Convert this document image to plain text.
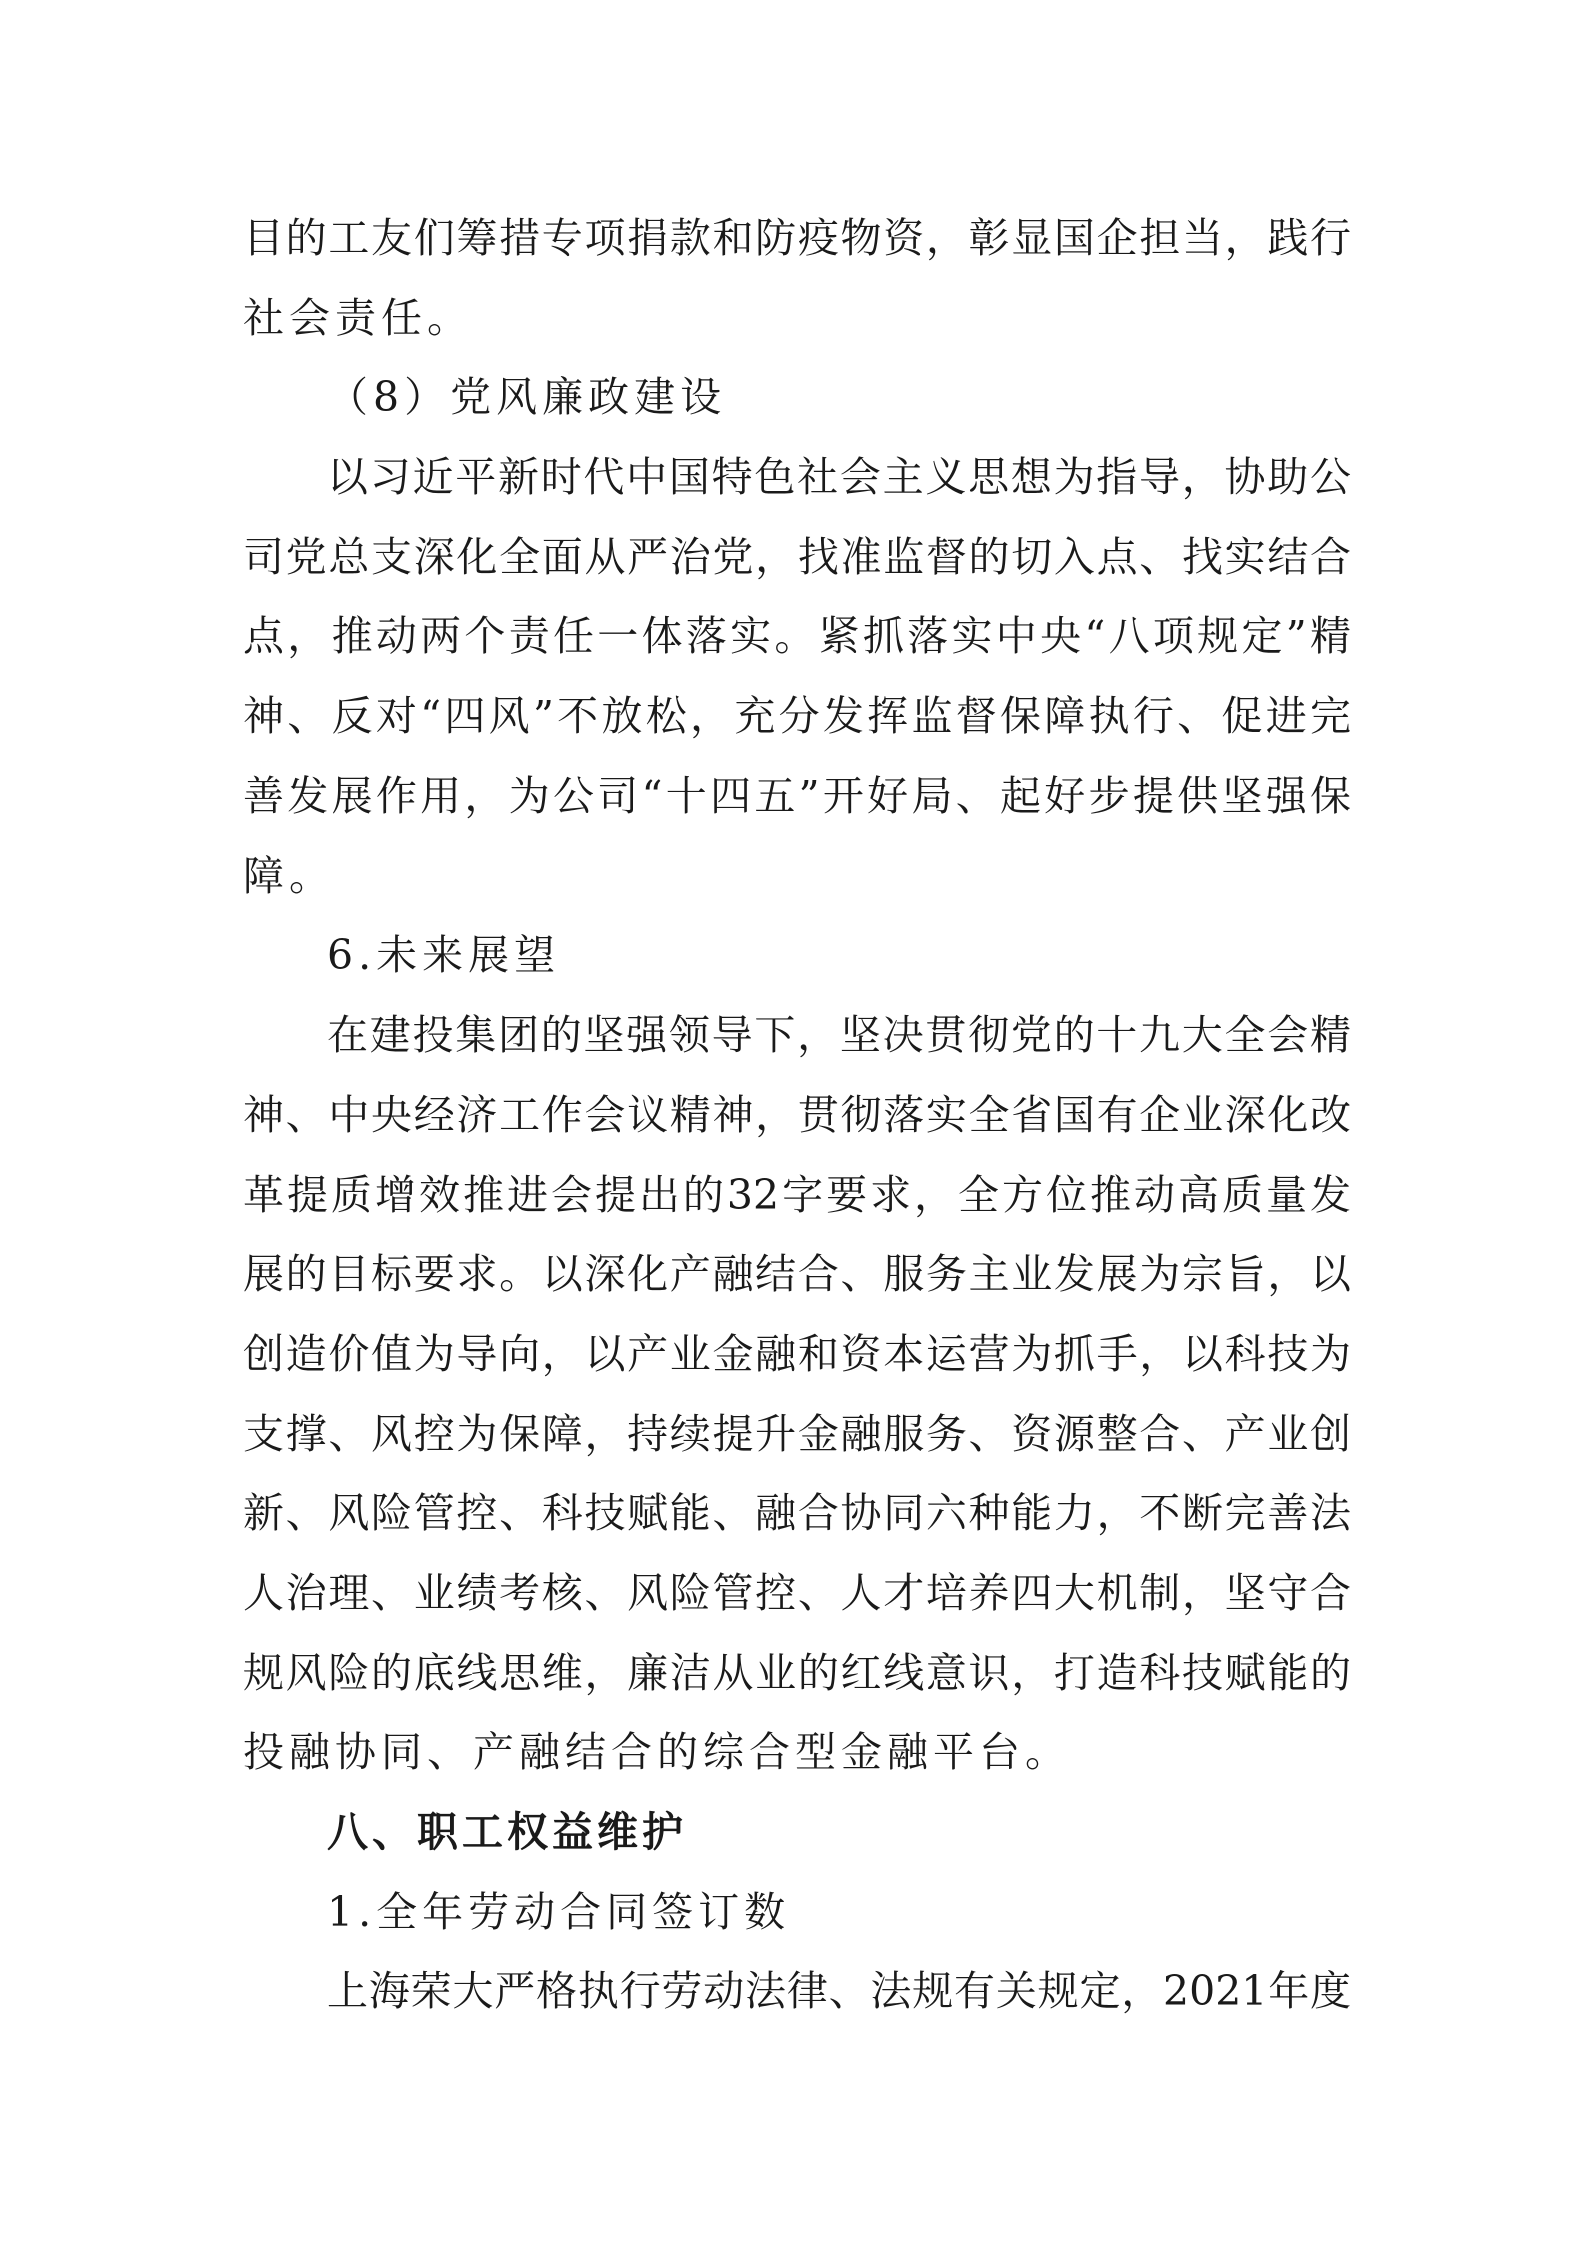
目的工友们筹措专项捐款和防疫物资，彰显国企担当，践行
社会责任。
（8）党风廉政建设
以习近平新时代中国特色社会主义思想为指导，协助公
司党总支深化全面从严治党，找准监督的切入点、找实结合
点，推动两个责任一体落实。紧抓落实中央“八项规定”精
神、反对“四风”不放松，充分发挥监督保障执行、促进完
善发展作用，为公司“十四五”开好局、起好步提供坚强保
障。
6.未来展望
在建投集团的坚强领导下，坚决贯彻党的十九大全会精
神、中央经济工作会议精神，贯彻落实全省国有企业深化改
革提质增效推进会提出的32字要求，全方位推动高质量发
展的目标要求。以深化产融结合、服务主业发展为宗旨，以
创造价值为导向，以产业金融和资本运营为抓手，以科技为
支撑、风控为保障，持续提升金融服务、资源整合、产业创
新、风险管控、科技赋能、融合协同六种能力，不断完善法
人治理、业绩考核、风险管控、人才培养四大机制，坚守合
规风险的底线思维，廉洁从业的红线意识，打造科技赋能的
投融协同、产融结合的综合型金融平台。
八、职工权益维护
1.全年劳动合同签订数
上海荣大严格执行劳动法律、法规有关规定，2021年度
